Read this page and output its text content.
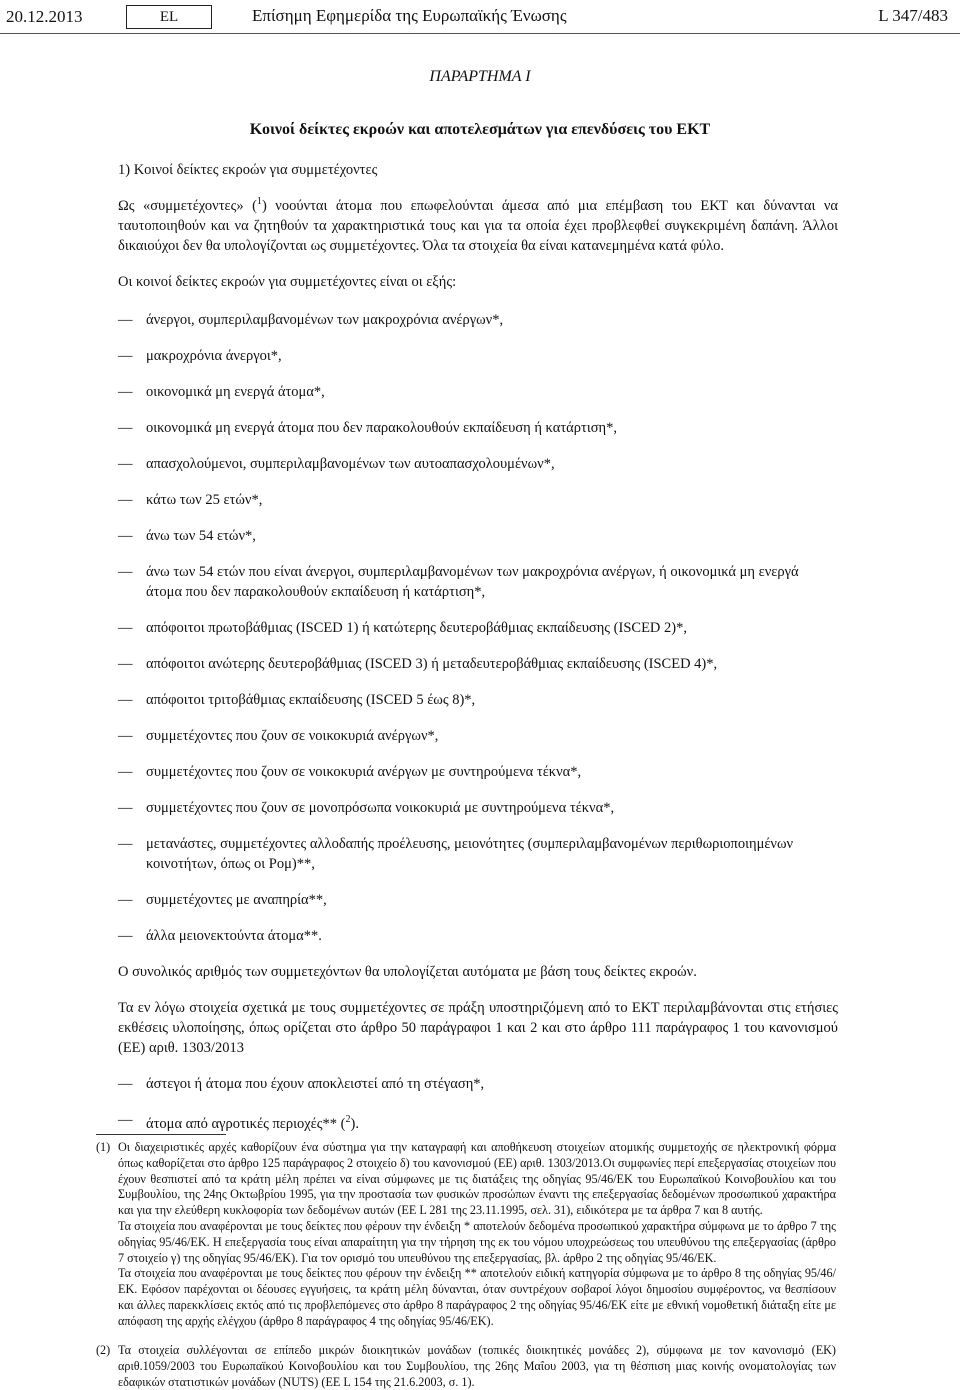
20.12.2013	EL	Επίσημη Εφημερίδα της Ευρωπαϊκής Ένωσης	L 347/483
ΠΑΡΑΡΤΗΜΑ I
Κοινοί δείκτες εκροών και αποτελεσμάτων για επενδύσεις του ΕΚΤ

1) Κοινοί δείκτες εκροών για συμμετέχοντες

Ως «συμμετέχοντες» ($^1$) νοούνται άτομα που επωφελούνται άμεσα από μια επέμβαση του ΕΚΤ και δύνανται να ταυτοποιηθούν και να ζητηθούν τα χαρακτηριστικά τους και για τα οποία έχει προβλεφθεί συγκεκριμένη δαπάνη. Άλλοι δικαιούχοι δεν θα υπολογίζονται ως συμμετέχοντες. Όλα τα στοιχεία θα είναι κατανεμημένα κατά φύλο.

Οι κοινοί δείκτες εκροών για συμμετέχοντες είναι οι εξής:

— άνεργοι, συμπεριλαμβανομένων των μακροχρόνια ανέργων*,
— μακροχρόνια άνεργοι*,
— οικονομικά μη ενεργά άτομα*,
— οικονομικά μη ενεργά άτομα που δεν παρακολουθούν εκπαίδευση ή κατάρτιση*,
— απασχολούμενοι, συμπεριλαμβανομένων των αυτοαπασχολουμένων*,
— κάτω των 25 ετών*,
— άνω των 54 ετών*,
— άνω των 54 ετών που είναι άνεργοι, συμπεριλαμβανομένων των μακροχρόνια ανέργων, ή οικονομικά μη ενεργά άτομα που δεν παρακολουθούν εκπαίδευση ή κατάρτιση*,
— απόφοιτοι πρωτοβάθμιας (ISCED 1) ή κατώτερης δευτεροβάθμιας εκπαίδευσης (ISCED 2)*,
— απόφοιτοι ανώτερης δευτεροβάθμιας (ISCED 3) ή μεταδευτεροβάθμιας εκπαίδευσης (ISCED 4)*,
— απόφοιτοι τριτοβάθμιας εκπαίδευσης (ISCED 5 έως 8)*,
— συμμετέχοντες που ζουν σε νοικοκυριά ανέργων*,
— συμμετέχοντες που ζουν σε νοικοκυριά ανέργων με συντηρούμενα τέκνα*,
— συμμετέχοντες που ζουν σε μονοπρόσωπα νοικοκυριά με συντηρούμενα τέκνα*,
— μετανάστες, συμμετέχοντες αλλοδαπής προέλευσης, μειονότητες (συμπεριλαμβανομένων περιθωριοποιημένων κοινοτήτων, όπως οι Ρομ)**,
— συμμετέχοντες με αναπηρία**,
— άλλα μειονεκτούντα άτομα**.

Ο συνολικός αριθμός των συμμετεχόντων θα υπολογίζεται αυτόματα με βάση τους δείκτες εκροών.

Τα εν λόγω στοιχεία σχετικά με τους συμμετέχοντες σε πράξη υποστηριζόμενη από το ΕΚΤ περιλαμβάνονται στις ετήσιες εκθέσεις υλοποίησης, όπως ορίζεται στο άρθρο 50 παράγραφοι 1 και 2 και στο άρθρο 111 παράγραφος 1 του κανονισμού (ΕΕ) αριθ. 1303/2013

— άστεγοι ή άτομα που έχουν αποκλειστεί από τη στέγαση*,
— άτομα από αγροτικές περιοχές** ($^2$).
(1) Οι διαχειριστικές αρχές καθορίζουν ένα σύστημα για την καταγραφή και αποθήκευση στοιχείων ατομικής συμμετοχής σε ηλεκτρονική φόρμα όπως καθορίζεται στο άρθρο 125 παράγραφος 2 στοιχείο δ) του κανονισμού (ΕΕ) αριθ. 1303/2013.Οι συμφωνίες περί επεξεργασίας στοιχείων που έχουν θεσπιστεί από τα κράτη μέλη πρέπει να είναι σύμφωνες με τις διατάξεις της οδηγίας 95/46/ΕΚ του Ευρωπαϊκού Κοινοβουλίου και του Συμβουλίου, της 24ης Οκτωβρίου 1995, για την προστασία των φυσικών προσώπων έναντι της επεξεργασίας δεδομένων προσωπικού χαρακτήρα και για την ελεύθερη κυκλοφορία των δεδομένων αυτών (ΕΕ L 281 της 23.11.1995, σελ. 31), ειδικότερα με τα άρθρα 7 και 8 αυτής.

Τα στοιχεία που αναφέρονται με τους δείκτες που φέρουν την ένδειξη * αποτελούν δεδομένα προσωπικού χαρακτήρα σύμφωνα με το άρθρο 7 της οδηγίας 95/46/ΕΚ. Η επεξεργασία τους είναι απαραίτητη για την τήρηση της εκ του νόμου υποχρεώσεως του υπευθύνου της επεξεργασίας (άρθρο 7 στοιχείο γ) της οδηγίας 95/46/ΕΚ). Για τον ορισμό του υπευθύνου της επεξεργασίας, βλ. άρθρο 2 της οδηγίας 95/46/ΕΚ.

Τα στοιχεία που αναφέρονται με τους δείκτες που φέρουν την ένδειξη ** αποτελούν ειδική κατηγορία σύμφωνα με το άρθρο 8 της οδηγίας 95/46/ΕΚ. Εφόσον παρέχονται οι δέουσες εγγυήσεις, τα κράτη μέλη δύνανται, όταν συντρέχουν σοβαροί λόγοι δημοσίου συμφέροντος, να θεσπίσουν και άλλες παρεκκλίσεις εκτός από τις προβλεπόμενες στο άρθρο 8 παράγραφος 2 της οδηγίας 95/46/ΕΚ είτε με εθνική νομοθετική διάταξη είτε με απόφαση της αρχής ελέγχου (άρθρο 8 παράγραφος 4 της οδηγίας 95/46/ΕΚ).

(2) Τα στοιχεία συλλέγονται σε επίπεδο μικρών διοικητικών μονάδων (τοπικές διοικητικές μονάδες 2), σύμφωνα με τον κανονισμό (ΕΚ) αριθ.1059/2003 του Ευρωπαϊκού Κοινοβουλίου και του Συμβουλίου, της 26ης Μαΐου 2003, για τη θέσπιση μιας κοινής ονοματολογίας των εδαφικών στατιστικών μονάδων (NUTS) (ΕΕ L 154 της 21.6.2003, σ. 1).
